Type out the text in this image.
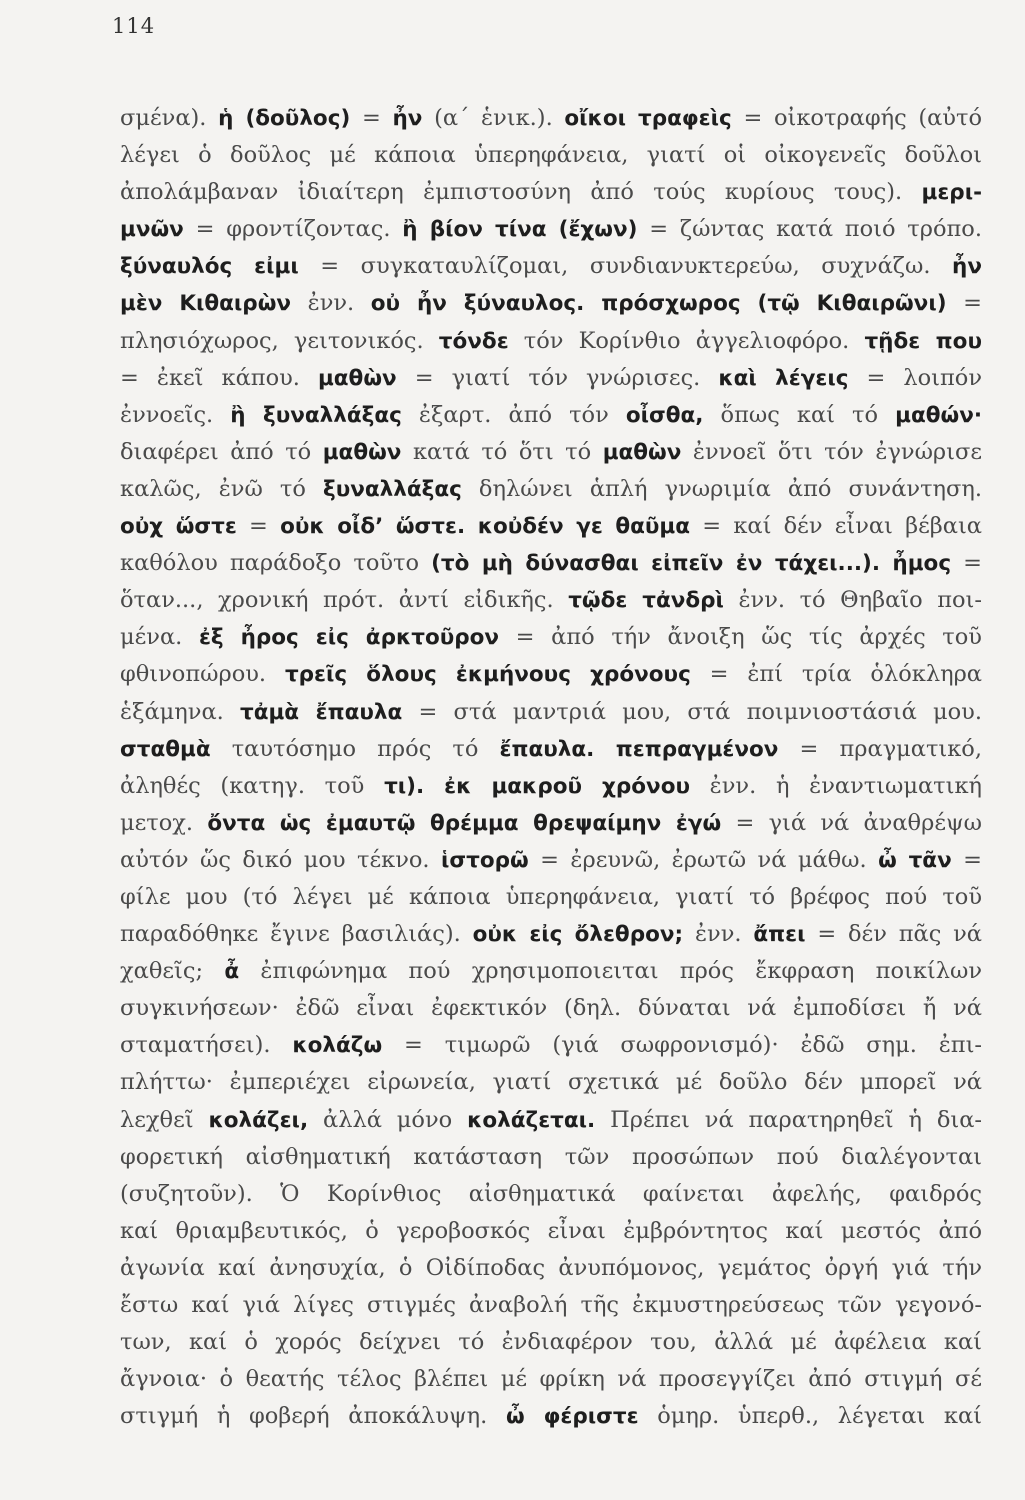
114
σμένα). ἡ (δοῦλος) = ἦν (α΄ ἑνικ.). οἴκοι τραφεὶς = οἰκοτραφής (αὐτό
λέγει ὁ δοῦλος μέ κάποια ὑπερηφάνεια, γιατί οἱ οἰκογενεῖς δοῦλοι
ἀπολάμβαναν ἰδιαίτερη ἐμπιστοσύνη ἀπό τούς κυρίους τους). μερι-
μνῶν = φροντίζοντας. ἢ βίον τίνα (ἔχων) = ζώντας κατά ποιό τρόπο.
ξύναυλός εἰμι = συγκαταυλίζομαι, συνδιανυκτερεύω, συχνάζω. ἦν
μὲν Κιθαιρὼν ἐνν. οὐ ἦν ξύναυλος. πρόσχωρος (τῷ Κιθαιρῶνι) =
πλησιόχωρος, γειτονικός. τόνδε τόν Κορίνθιο ἀγγελιοφόρο. τῇδε που
= ἐκεῖ κάπου. μαθὼν = γιατί τόν γνώρισες. καὶ λέγεις = λοιπόν
ἐννοεῖς. ἢ ξυναλλάξας ἐξαρτ. ἀπό τόν οἶσθα, ὅπως καί τό μαθών·
διαφέρει ἀπό τό μαθὼν κατά τό ὅτι τό μαθὼν ἐννοεῖ ὅτι τόν ἐγνώρισε
καλῶς, ἐνῶ τό ξυναλλάξας δηλώνει ἁπλή γνωριμία ἀπό συνάντηση.
οὐχ ὥστε = οὐκ οἶδ’ ὥστε. κοὐδέν γε θαῦμα = καί δέν εἶναι βέβαια
καθόλου παράδοξο τοῦτο (τὸ μὴ δύνασθαι εἰπεῖν ἐν τάχει...). ἦμος =
ὅταν..., χρονική πρότ. ἀντί εἰδικῆς. τῷδε τἀνδρὶ ἐνν. τό Θηβαῖο ποι-
μένα. ἐξ ἦρος εἰς ἀρκτοῦρον = ἀπό τήν ἄνοιξη ὥς τίς ἀρχές τοῦ
φθινοπώρου. τρεῖς ὅλους ἐκμήνους χρόνους = ἐπί τρία ὁλόκληρα
ἑξάμηνα. τἀμὰ ἔπαυλα = στά μαντριά μου, στά ποιμνιοστάσιά μου.
σταθμὰ ταυτόσημο πρός τό ἔπαυλα. πεπραγμένον = πραγματικό,
ἀληθές (κατηγ. τοῦ τι). ἐκ μακροῦ χρόνου ἐνν. ἡ ἐναντιωματική
μετοχ. ὄντα ὡς ἐμαυτῷ θρέμμα θρεψαίμην ἐγώ = γιά νά ἀναθρέψω
αὐτόν ὥς δικό μου τέκνο. ἱστορῶ = ἐρευνῶ, ἐρωτῶ νά μάθω. ὦ τᾶν =
φίλε μου (τό λέγει μέ κάποια ὑπερηφάνεια, γιατί τό βρέφος πού τοῦ
παραδόθηκε ἔγινε βασιλιάς). οὐκ εἰς ὄλεθρον; ἐνν. ἄπει = δέν πᾶς νά
χαθεῖς; ἆ ἐπιφώνημα πού χρησιμοποιειται πρός ἔκφραση ποικίλων
συγκινήσεων· ἐδῶ εἶναι ἐφεκτικόν (δηλ. δύναται νά ἐμποδίσει ἤ νά
σταματήσει). κολάζω = τιμωρῶ (γιά σωφρονισμό)· ἐδῶ σημ. ἐπι-
πλήττω· ἐμπεριέχει εἰρωνεία, γιατί σχετικά μέ δοῦλο δέν μπορεῖ νά
λεχθεῖ κολάζει, ἀλλά μόνο κολάζεται. Πρέπει νά παρατηρηθεῖ ἡ δια-
φορετική αἰσθηματική κατάσταση τῶν προσώπων πού διαλέγονται
(συζητοῦν). Ὁ Κορίνθιος αἰσθηματικά φαίνεται ἀφελής, φαιδρός
καί θριαμβευτικός, ὁ γεροβοσκός εἶναι ἐμβρόντητος καί μεστός ἀπό
ἀγωνία καί ἀνησυχία, ὁ Οἰδίποδας ἀνυπόμονος, γεμάτος ὀργή γιά τήν
ἔστω καί γιά λίγες στιγμές ἀναβολή τῆς ἐκμυστηρεύσεως τῶν γεγονό-
των, καί ὁ χορός δείχνει τό ἐνδιαφέρον του, ἀλλά μέ ἀφέλεια καί
ἄγνοια· ὁ θεατής τέλος βλέπει μέ φρίκη νά προσεγγίζει ἀπό στιγμή σέ
στιγμή ἡ φοβερή ἀποκάλυψη. ὦ φέριστε ὁμηρ. ὑπερθ., λέγεται καί
